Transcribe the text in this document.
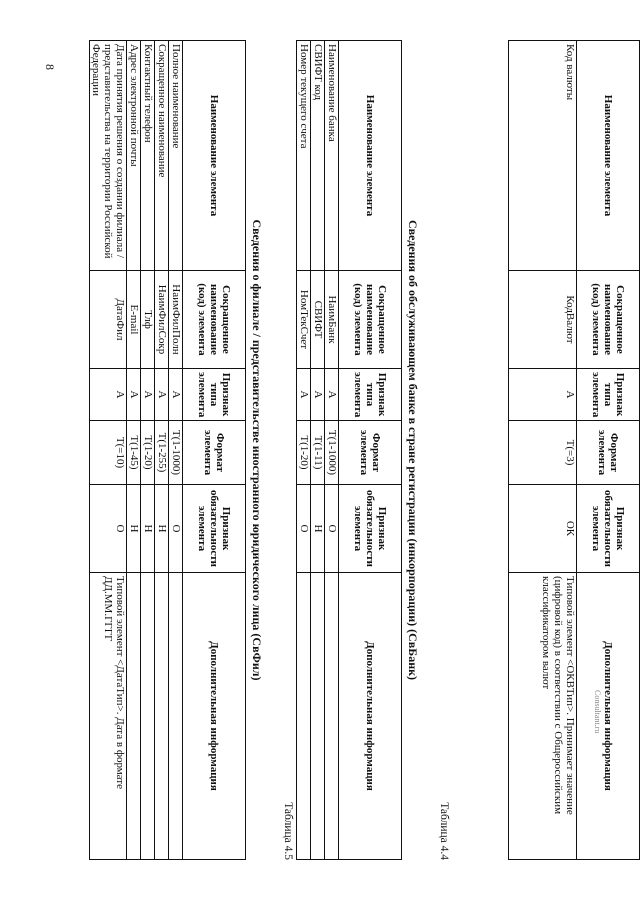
8
Наименование элемента	Сокращенное наименование (код) элемента	Признак типа элемента	Формат элемента	Признак обязательности элемента	Дополнительная информация
Код валюты	КодВалют	А	Т(=3)	ОК	Типовой элемент <ОКВТип>. Принимает значение (цифровой код) в соответствии с Общероссийским классификатором валют
Таблица 4.4
Сведения об обслуживающем банке в стране регистрации (инкорпорации) (СвБанк)
Наименование элемента	Сокращенное наименование (код) элемента	Признак типа элемента	Формат элемента	Признак обязательности элемента	Дополнительная информация
Наименование банка	НаимБанк	А	Т(1-1000)	О	
СВИФТ код	СВИФТ	А	Т(1-11)	Н	
Номер текущего счета	НомТекСчет	А	Т(1-20)	О	
Таблица 4.5
Сведения о филиале / представительстве иностранного юридического лица (СвФил)
Наименование элемента	Сокращенное наименование (код) элемента	Признак типа элемента	Формат элемента	Признак обязательности элемента	Дополнительная информация
Полное наименование	НаимФилПолн	А	Т(1-1000)	О	
Сокращенное наименование	НаимФилСокр	А	Т(1-255)	Н	
Контактный телефон	Тлф	А	Т(1-20)	Н	
Адрес электронной почты	E-mail	А	Т(1-45)	Н	
Дата принятия решения о создании филиала / представительства на территории Российской Федерации	ДатаФил	А	Т(=10)	О	Типовой элемент <ДатаТип>. Дата в формате ДД.ММ.ГГГГ
Consultant.ru
